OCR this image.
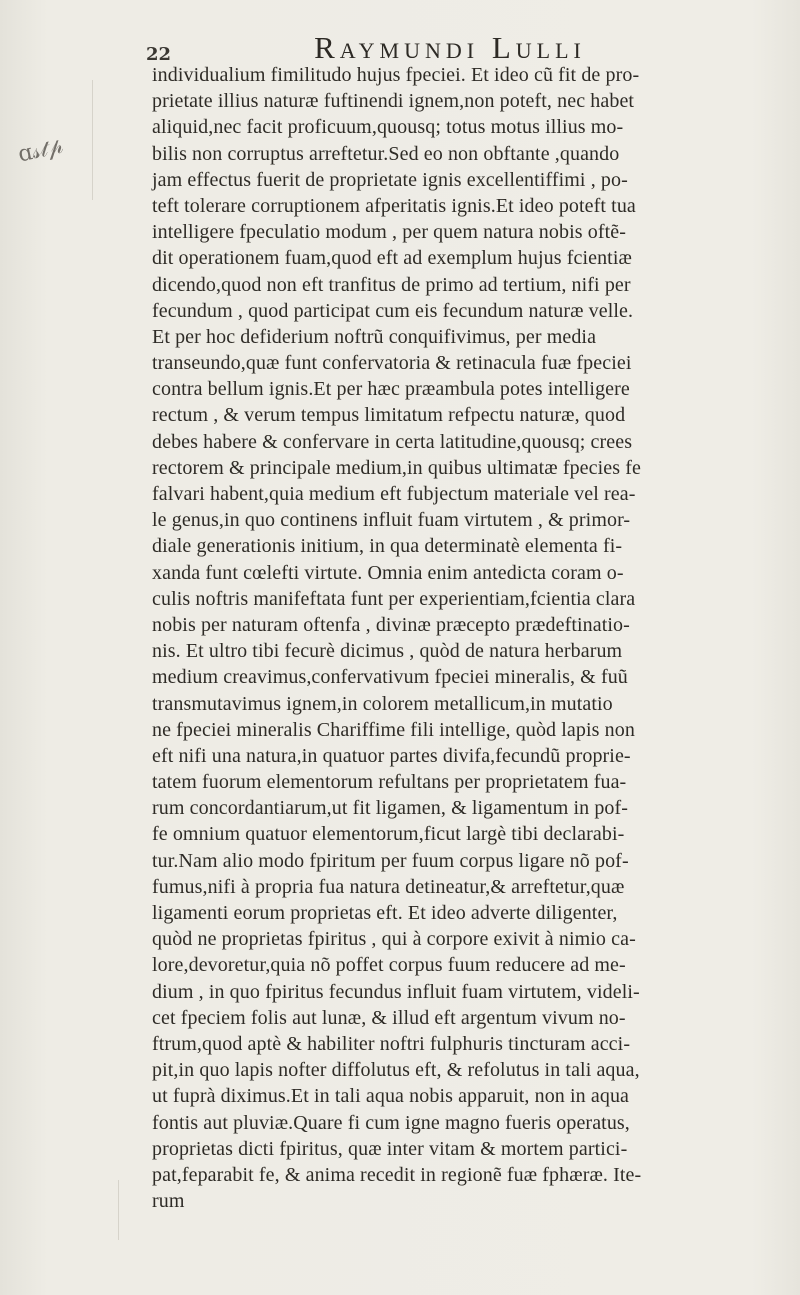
ɑ𝓈𝓉𝓅
22	Raymundi Lulli
individualium fimilitudo hujus fpeciei. Et ideo cũ fit de pro-
prietate illius naturæ fuftinendi ignem,non poteft, nec habet
aliquid,nec facit proficuum,quousq; totus motus illius mo-
bilis non corruptus arreftetur.Sed eo non obftante ,quando
jam effectus fuerit de proprietate ignis excellentiffimi , po-
teft tolerare corruptionem afperitatis ignis.Et ideo poteft tua
intelligere fpeculatio modum , per quem natura nobis oftẽ-
dit operationem fuam,quod eft ad exemplum hujus fcientiæ
dicendo,quod non eft tranfitus de primo ad tertium, nifi per
fecundum , quod participat cum eis fecundum naturæ velle.
Et per hoc defiderium noftrũ conquifivimus, per media
transeundo,quæ funt confervatoria & retinacula fuæ fpeciei
contra bellum ignis.Et per hæc præambula potes intelligere
rectum , & verum tempus limitatum refpectu naturæ, quod
debes habere & confervare in certa latitudine,quousq; crees
rectorem & principale medium,in quibus ultimatæ fpecies fe
falvari habent,quia medium eft fubjectum materiale vel rea-
le genus,in quo continens influit fuam virtutem , & primor-
diale generationis initium, in qua determinatè elementa fi-
xanda funt cœlefti virtute. Omnia enim antedicta coram o-
culis noftris manifeftata funt per experientiam,fcientia clara
nobis per naturam oftenfa , divinæ præcepto prædeftinatio-
nis. Et ultro tibi fecurè dicimus , quòd de natura herbarum
medium creavimus,confervativum fpeciei mineralis, & fuũ
transmutavimus ignem,in colorem metallicum,in mutatio
ne fpeciei mineralis Chariffime fili intellige, quòd lapis non
eft nifi una natura,in quatuor partes divifa,fecundũ proprie-
tatem fuorum elementorum refultans per proprietatem fua-
rum concordantiarum,ut fit ligamen, & ligamentum in pof-
fe omnium quatuor elementorum,ficut largè tibi declarabi-
tur.Nam alio modo fpiritum per fuum corpus ligare nõ pof-
fumus,nifi à propria fua natura detineatur,& arreftetur,quæ
ligamenti eorum proprietas eft. Et ideo adverte diligenter,
quòd ne proprietas fpiritus , qui à corpore exivit à nimio ca-
lore,devoretur,quia nõ poffet corpus fuum reducere ad me-
dium , in quo fpiritus fecundus influit fuam virtutem, videli-
cet fpeciem folis aut lunæ, & illud eft argentum vivum no-
ftrum,quod aptè & habiliter noftri fulphuris tincturam acci-
pit,in quo lapis nofter diffolutus eft, & refolutus in tali aqua,
ut fuprà diximus.Et in tali aqua nobis apparuit, non in aqua
fontis aut pluviæ.Quare fi cum igne magno fueris operatus,
proprietas dicti fpiritus, quæ inter vitam & mortem partici-
pat,feparabit fe, & anima recedit in regionẽ fuæ fphæræ. Ite-
rum
